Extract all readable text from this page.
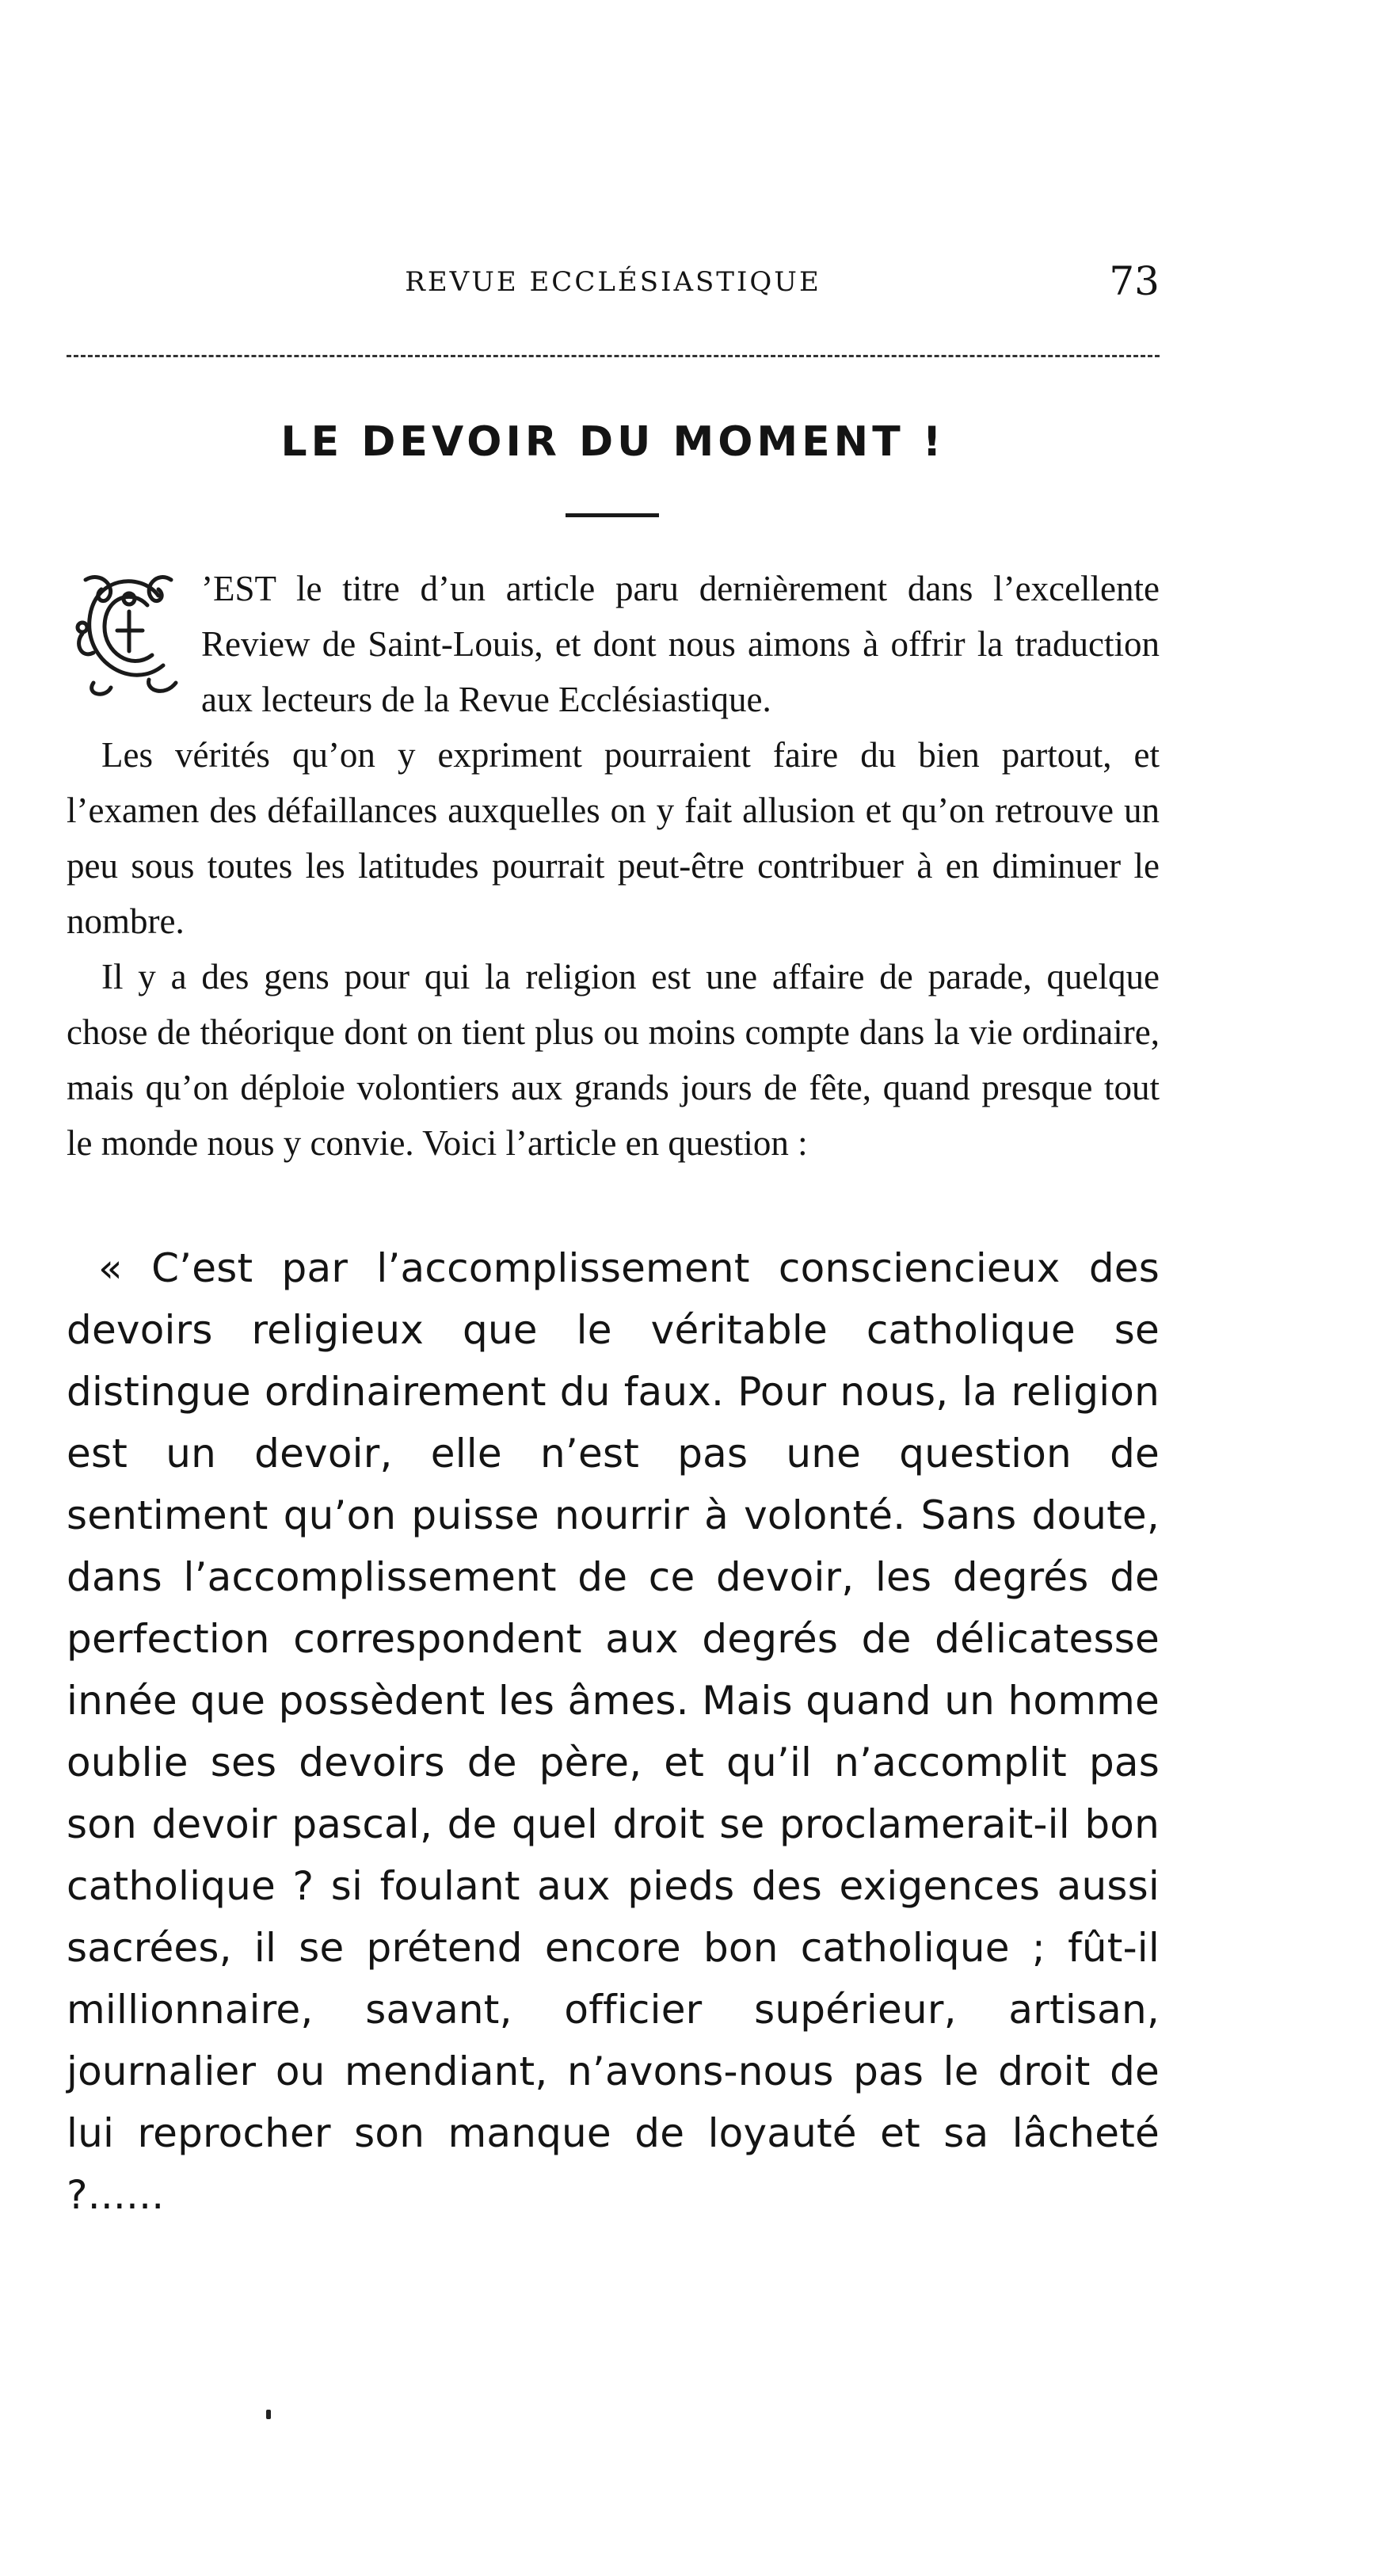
REVUE ECCLÉSIASTIQUE	73
LE DEVOIR DU MOMENT !

’EST le titre d’un article paru dernièrement dans l’excellente Review de Saint-Louis, et dont nous aimons à offrir la traduction aux lecteurs de la Revue Ecclésiastique.

Les vérités qu’on y expriment pourraient faire du bien partout, et l’examen des défaillances auxquelles on y fait allusion et qu’on retrouve un peu sous toutes les latitudes pourrait peut-être contribuer à en diminuer le nombre.

Il y a des gens pour qui la religion est une affaire de parade, quelque chose de théorique dont on tient plus ou moins compte dans la vie ordinaire, mais qu’on déploie volontiers aux grands jours de fête, quand presque tout le monde nous y convie. Voici l’article en question :

« C’est par l’accomplissement consciencieux des devoirs religieux que le véritable catholique se distingue ordinairement du faux. Pour nous, la religion est un devoir, elle n’est pas une question de sentiment qu’on puisse nourrir à volonté. Sans doute, dans l’accomplissement de ce devoir, les degrés de perfection correspondent aux degrés de délicatesse innée que possèdent les âmes. Mais quand un homme oublie ses devoirs de père, et qu’il n’accomplit pas son devoir pascal, de quel droit se proclamerait-il bon catholique ? si foulant aux pieds des exigences aussi sacrées, il se prétend encore bon catholique ; fût-il millionnaire, savant, officier supérieur, artisan, journalier ou mendiant, n’avons-nous pas le droit de lui reprocher son manque de loyauté et sa lâcheté ?......
